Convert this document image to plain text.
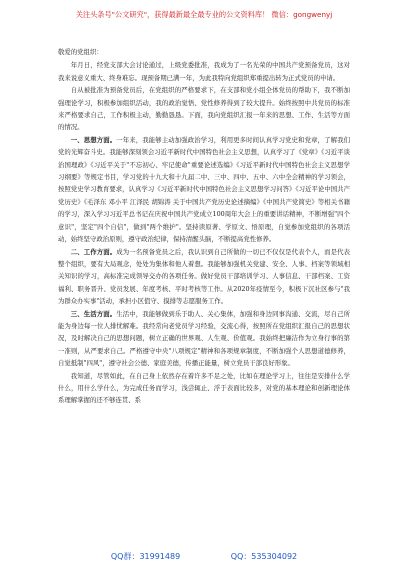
关注头条号"公文研究"，获得最新最全最专业的公文资料库！ 微信：gongwenyj

敬爱的党组织：

年月日，经党支部大会讨论通过，上级党委批准，我成为了一名光荣的中国共产党预备党员，这对我来说意义重大、终身难忘。现预备期已满一年，为此我特向党组织郑重提出转为正式党员的申请。

自从被批准为预备党员后，在党组织的严格要求下，在支部和党小组全体党员的帮助下，我不断加强理论学习，积极参加组织活动，我的政治觉悟、党性修养得到了较大提升。始终按照中共党员的标准来严格要求自己，工作积极主动，勤勤恳恳。下面，我向党组织汇报一年来的思想、工作、生活等方面的情况。

一、思想方面。一年来，我能够主动加强政治学习，利用更多时间认真学习党史和党章，了解我们党的光辉奋斗史。我能够深刻领会习近平新时代中国特色社会主义思想，认真学习了《党章》《习近平谈治国理政》《习近平关于"不忘初心、牢记使命"重要论述选编》《习近平新时代中国特色社会主义思想学习纲要》等规定书目，学习党的十九大和十九届二中、三中、四中、五中、六中全会精神的学习领会，按照党史学习教育要求，认真学习《习近平新时代中国特色社会主义思想学习问答》《习近平论中国共产党历史》《毛泽东 邓小平 江泽民 胡锦涛 关于中国共产党历史论述摘编》《中国共产党简史》等相关书籍的学习，深入学习习近平总书记在庆祝中国共产党成立100周年大会上的重要讲话精神，不断增强"四个意识"，坚定"四个自信"，做到"两个维护"。坚持读原著、学原文、悟原理，自觉参加党组织的各项活动，始终坚守政治原则，遵守政治纪律，保持清醒头脑，不断提高党性修养。

二、工作方面。成为一名预备党员之后，我认识到自己所做的一切已不仅仅是代表个人，而是代表整个组织，要有大局观念，处处为集体和他人着想。我能够加强机关党建、安全、人事、档案等领域相关知识的学习，高标准完成领导交办的各项任务。做好党员干部培训学习、人事信息、干部档案、工资福利、职务晋升、党员发展、年度考核、平时考核等工作。从2020年疫情至今，积极下沉社区参与"我为群众办实事"活动，承担小区值守、摸排等志愿服务工作。

三、生活方面。生活中，我能够做到乐于助人、关心集体，加强和身边同事沟通、交流，尽自己所能为身边每一位人排忧解难。我经常向老党员学习经验，交流心得，按照所在党组织汇报自己的思想状况，及时解决自己的思想问题，树立正确的世界观、人生观、价值观。我始终把廉洁作为立身行事的第一准则，从严要求自己。严格遵守中央"八项规定"精神和各项规章制度，不断加强个人思想道德修养，自觉抵制"四风"，遵守社会公德、家庭美德，传播正能量，树立党员干部良好形象。

我知道，尽管如此，在自己身上依然存在着许多不足之处，比如在理论学习上，往往是安排什么学什么，用什么学什么，为完成任务而学习，浅尝辄止、浮于表面比较多，对党的基本理论和创新理论体系理解掌握的还不够连贯、系

QQ群：31991489	QQ：535304092
